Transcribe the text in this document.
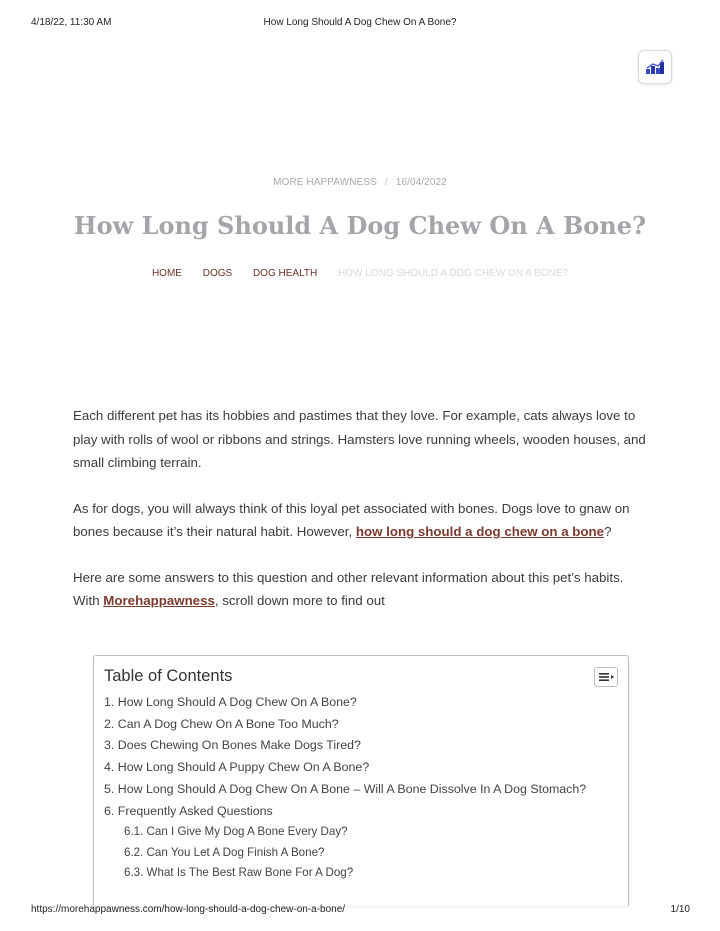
4/18/22, 11:30 AM	How Long Should A Dog Chew On A Bone?
MORE HAPPAWNESS / 16/04/2022
How Long Should A Dog Chew On A Bone?
HOME DOGS DOG HEALTH HOW LONG SHOULD A DOG CHEW ON A BONE?

Each different pet has its hobbies and pastimes that they love. For example, cats always love to play with rolls of wool or ribbons and strings. Hamsters love running wheels, wooden houses, and small climbing terrain.

As for dogs, you will always think of this loyal pet associated with bones. Dogs love to gnaw on bones because it’s their natural habit. However, how long should a dog chew on a bone?

Here are some answers to this question and other relevant information about this pet’s habits. With Morehappawness, scroll down more to find out

Table of Contents
1. How Long Should A Dog Chew On A Bone?
2. Can A Dog Chew On A Bone Too Much?
3. Does Chewing On Bones Make Dogs Tired?
4. How Long Should A Puppy Chew On A Bone?
5. How Long Should A Dog Chew On A Bone – Will A Bone Dissolve In A Dog Stomach?
6. Frequently Asked Questions
6.1. Can I Give My Dog A Bone Every Day?
6.2. Can You Let A Dog Finish A Bone?
6.3. What Is The Best Raw Bone For A Dog?
https://morehappawness.com/how-long-should-a-dog-chew-on-a-bone/	1/10
